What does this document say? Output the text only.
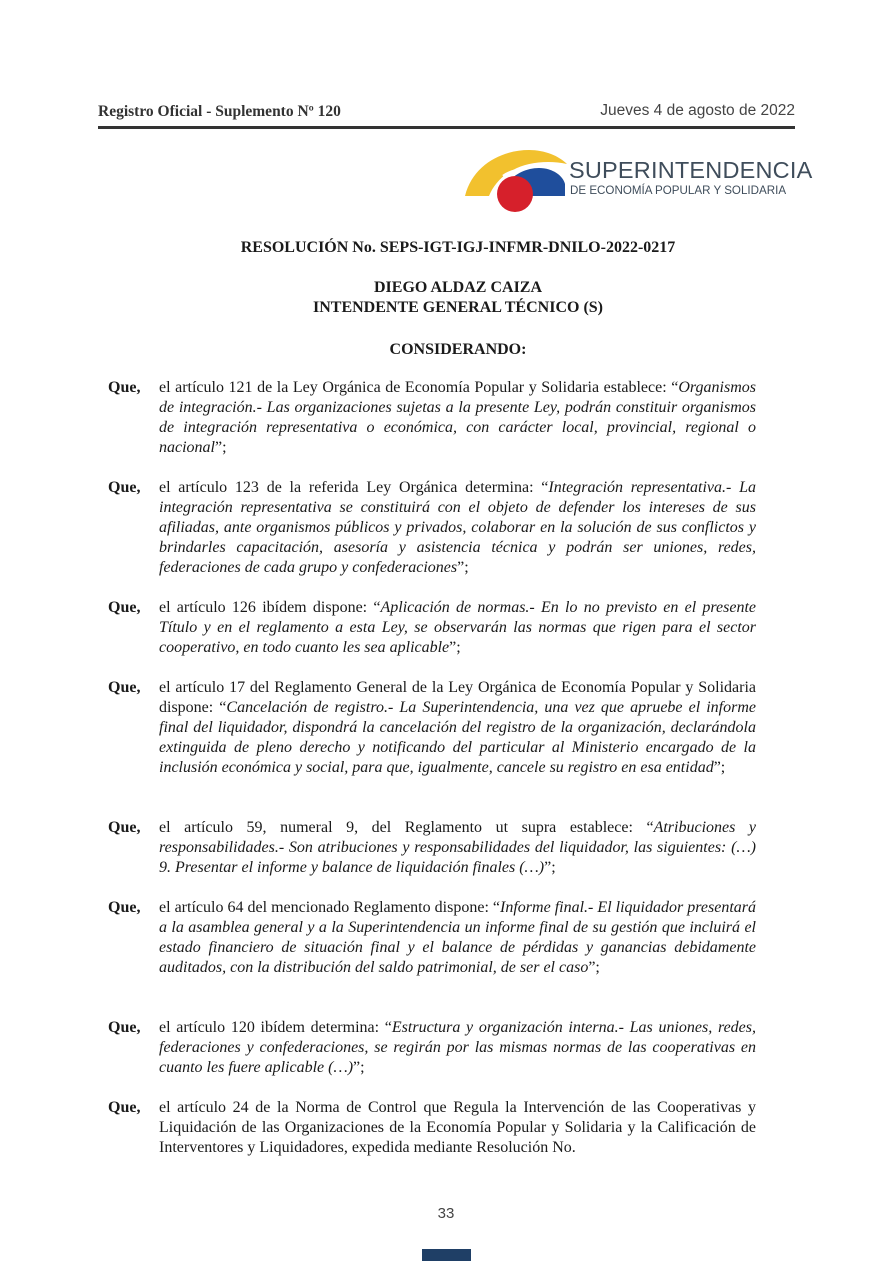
Registro Oficial - Suplemento Nº 120	Jueves 4 de agosto de 2022
SUPERINTENDENCIA
DE ECONOMÍA POPULAR Y SOLIDARIA
RESOLUCIÓN No. SEPS-IGT-IGJ-INFMR-DNILO-2022-0217
DIEGO ALDAZ CAIZA
INTENDENTE GENERAL TÉCNICO (S)
CONSIDERANDO:
Que, el artículo 121 de la Ley Orgánica de Economía Popular y Solidaria establece: “Organismos de integración.- Las organizaciones sujetas a la presente Ley, podrán constituir organismos de integración representativa o económica, con carácter local, provincial, regional o nacional”;
Que, el artículo 123 de la referida Ley Orgánica determina: “Integración representativa.- La integración representativa se constituirá con el objeto de defender los intereses de sus afiliadas, ante organismos públicos y privados, colaborar en la solución de sus conflictos y brindarles capacitación, asesoría y asistencia técnica y podrán ser uniones, redes, federaciones de cada grupo y confederaciones”;
Que, el artículo 126 ibídem dispone: “Aplicación de normas.- En lo no previsto en el presente Título y en el reglamento a esta Ley, se observarán las normas que rigen para el sector cooperativo, en todo cuanto les sea aplicable”;
Que, el artículo 17 del Reglamento General de la Ley Orgánica de Economía Popular y Solidaria dispone: “Cancelación de registro.- La Superintendencia, una vez que apruebe el informe final del liquidador, dispondrá la cancelación del registro de la organización, declarándola extinguida de pleno derecho y notificando del particular al Ministerio encargado de la inclusión económica y social, para que, igualmente, cancele su registro en esa entidad”;
Que, el artículo 59, numeral 9, del Reglamento ut supra establece: “Atribuciones y responsabilidades.- Son atribuciones y responsabilidades del liquidador, las siguientes: (…) 9. Presentar el informe y balance de liquidación finales (…)”;
Que, el artículo 64 del mencionado Reglamento dispone: “Informe final.- El liquidador presentará a la asamblea general y a la Superintendencia un informe final de su gestión que incluirá el estado financiero de situación final y el balance de pérdidas y ganancias debidamente auditados, con la distribución del saldo patrimonial, de ser el caso”;
Que, el artículo 120 ibídem determina: “Estructura y organización interna.- Las uniones, redes, federaciones y confederaciones, se regirán por las mismas normas de las cooperativas en cuanto les fuere aplicable (…)”;
Que, el artículo 24 de la Norma de Control que Regula la Intervención de las Cooperativas y Liquidación de las Organizaciones de la Economía Popular y Solidaria y la Calificación de Interventores y Liquidadores, expedida mediante Resolución No.
33
